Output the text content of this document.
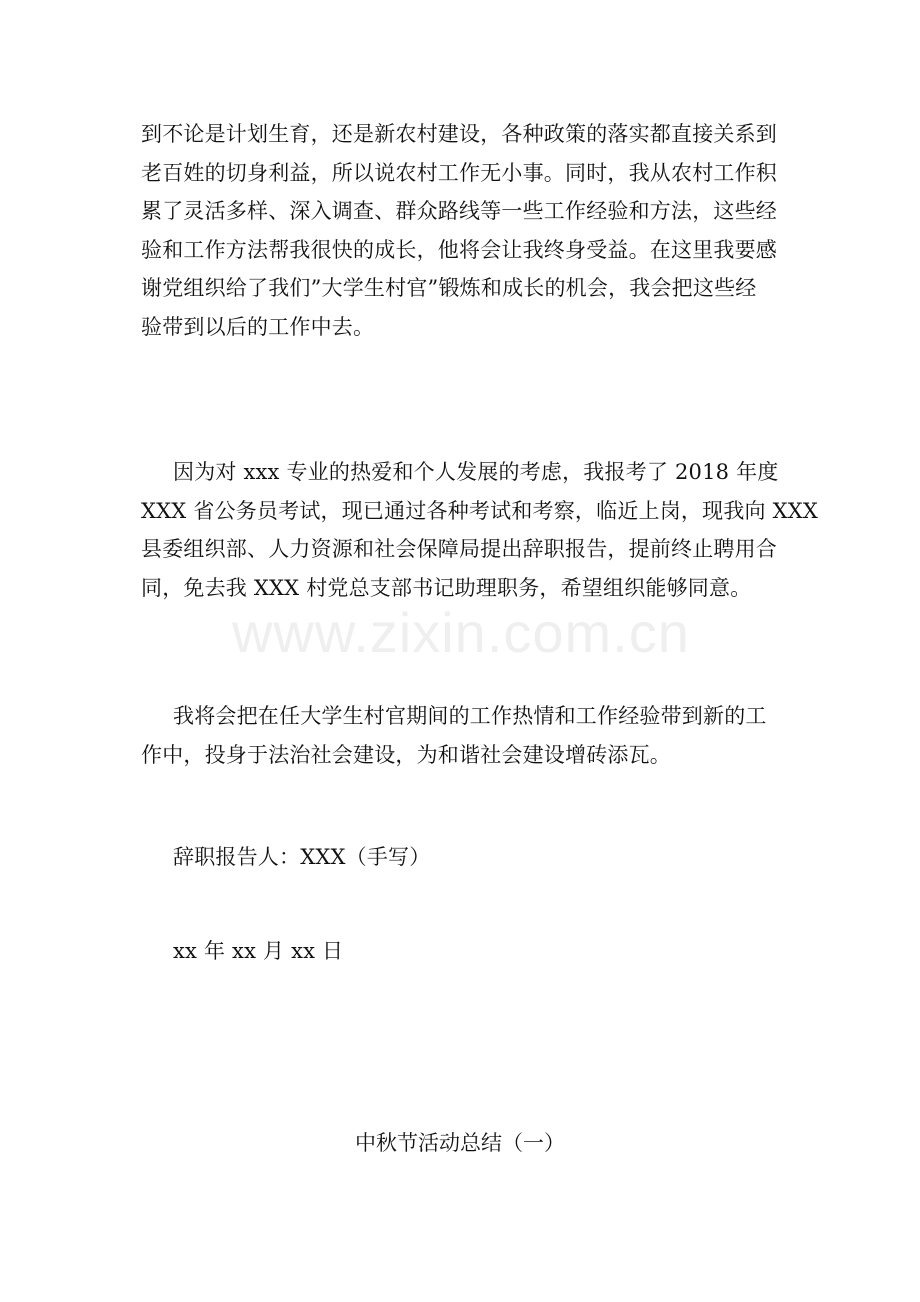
到不论是计划生育，还是新农村建设，各种政策的落实都直接关系到
老百姓的切身利益，所以说农村工作无小事。同时，我从农村工作积
累了灵活多样、深入调查、群众路线等一些工作经验和方法，这些经
验和工作方法帮我很快的成长，他将会让我终身受益。在这里我要感
谢党组织给了我们”大学生村官”锻炼和成长的机会，我会把这些经
验带到以后的工作中去。
因为对 xxx 专业的热爱和个人发展的考虑，我报考了 2018 年度
XXX 省公务员考试，现已通过各种考试和考察，临近上岗，现我向 XXX
县委组织部、人力资源和社会保障局提出辞职报告，提前终止聘用合
同，免去我 XXX 村党总支部书记助理职务，希望组织能够同意。
www.zixin.com.cn
我将会把在任大学生村官期间的工作热情和工作经验带到新的工
作中，投身于法治社会建设，为和谐社会建设增砖添瓦。
辞职报告人：XXX（手写）
xx 年 xx 月 xx 日
中秋节活动总结（一）
